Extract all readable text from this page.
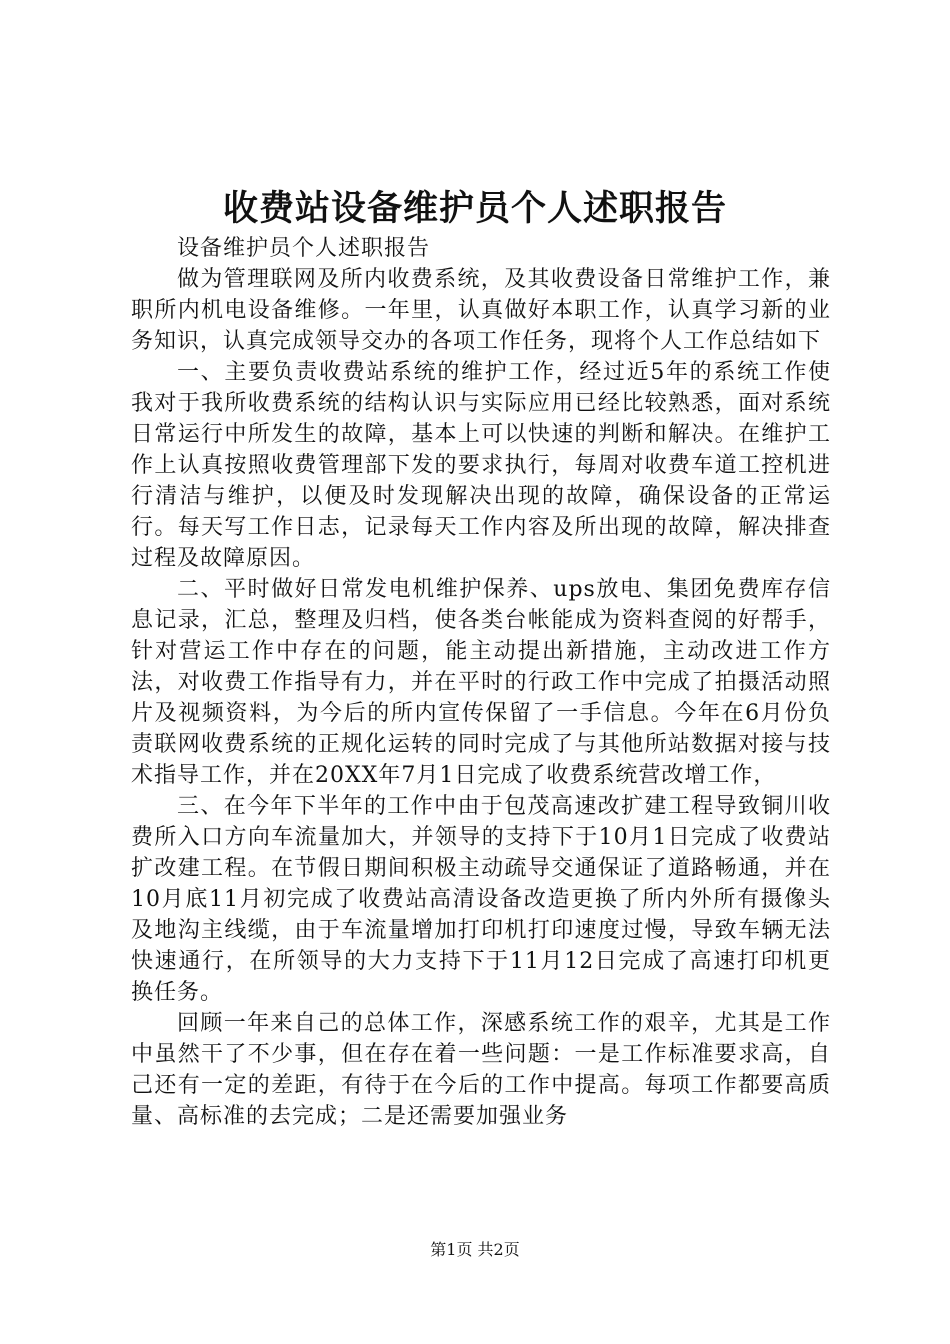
收费站设备维护员个人述职报告

设备维护员个人述职报告

做为管理联网及所内收费系统，及其收费设备日常维护工作，兼职所内机电设备维修。一年里，认真做好本职工作，认真学习新的业务知识，认真完成领导交办的各项工作任务，现将个人工作总结如下

一、主要负责收费站系统的维护工作，经过近5年的系统工作使我对于我所收费系统的结构认识与实际应用已经比较熟悉，面对系统日常运行中所发生的故障，基本上可以快速的判断和解决。在维护工作上认真按照收费管理部下发的要求执行，每周对收费车道工控机进行清洁与维护，以便及时发现解决出现的故障，确保设备的正常运行。每天写工作日志，记录每天工作内容及所出现的故障，解决排查过程及故障原因。

二、平时做好日常发电机维护保养、ups放电、集团免费库存信息记录，汇总，整理及归档，使各类台帐能成为资料查阅的好帮手，针对营运工作中存在的问题，能主动提出新措施，主动改进工作方法，对收费工作指导有力，并在平时的行政工作中完成了拍摄活动照片及视频资料，为今后的所内宣传保留了一手信息。今年在6月份负责联网收费系统的正规化运转的同时完成了与其他所站数据对接与技术指导工作，并在20XX年7月1日完成了收费系统营改增工作，

三、在今年下半年的工作中由于包茂高速改扩建工程导致铜川收费所入口方向车流量加大，并领导的支持下于10月1日完成了收费站扩改建工程。在节假日期间积极主动疏导交通保证了道路畅通，并在10月底11月初完成了收费站高清设备改造更换了所内外所有摄像头及地沟主线缆，由于车流量增加打印机打印速度过慢，导致车辆无法快速通行，在所领导的大力支持下于11月12日完成了高速打印机更换任务。

回顾一年来自己的总体工作，深感系统工作的艰辛，尤其是工作中虽然干了不少事，但在存在着一些问题：一是工作标准要求高，自己还有一定的差距，有待于在今后的工作中提高。每项工作都要高质量、高标准的去完成；二是还需要加强业务

第1页 共2页
